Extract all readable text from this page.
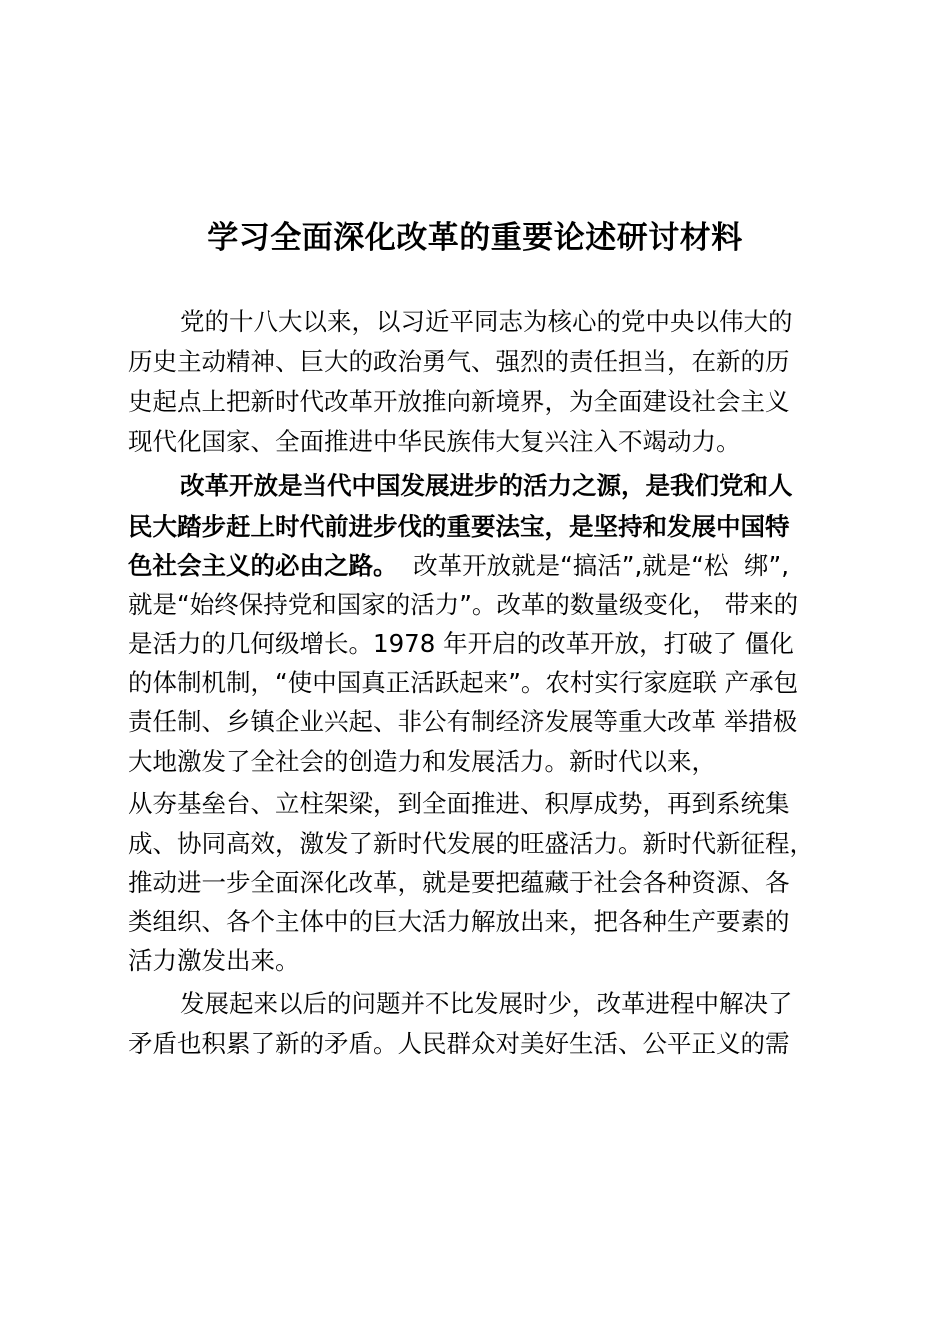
学习全面深化改革的重要论述研讨材料
党的十八大以来，以习近平同志为核心的党中央以伟大的
历史主动精神、巨大的政治勇气、强烈的责任担当，在新的历
史起点上把新时代改革开放推向新境界，为全面建设社会主义
现代化国家、全面推进中华民族伟大复兴注入不竭动力。
改革开放是当代中国发展进步的活力之源，是我们党和人
民大踏步赶上时代前进步伐的重要法宝，是坚持和发展中国特
色社会主义的必由之路。  改革开放就是“搞活”,就是“松  绑”,
就是“始终保持党和国家的活力”。改革的数量级变化， 带来的
是活力的几何级增长。1978 年开启的改革开放，打破了 僵化
的体制机制，“使中国真正活跃起来”。农村实行家庭联 产承包
责任制、乡镇企业兴起、非公有制经济发展等重大改革 举措极
大地激发了全社会的创造力和发展活力。新时代以来，
从夯基垒台、立柱架梁，到全面推进、积厚成势，再到系统集
成、协同高效，激发了新时代发展的旺盛活力。新时代新征程，
推动进一步全面深化改革，就是要把蕴藏于社会各种资源、各
类组织、各个主体中的巨大活力解放出来，把各种生产要素的
活力激发出来。
发展起来以后的问题并不比发展时少，改革进程中解决了
矛盾也积累了新的矛盾。人民群众对美好生活、公平正义的需
